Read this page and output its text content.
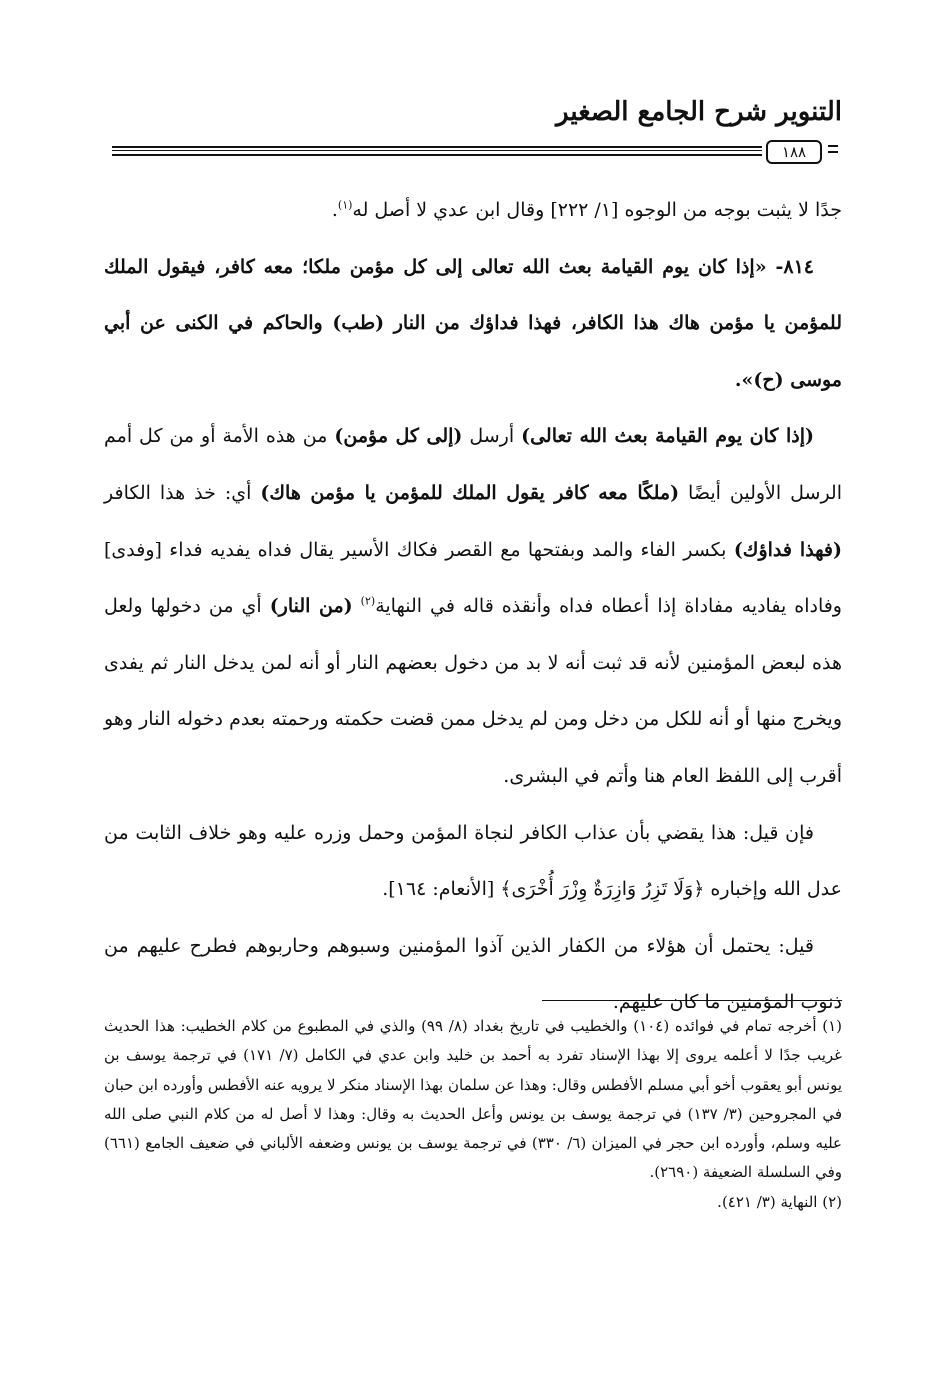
التنوير شرح الجامع الصغير
١٨٨

جدًا لا يثبت بوجه من الوجوه [١/ ٢٢٢] وقال ابن عدي لا أصل له$^{(١)}$.

٨١٤- «إذا كان يوم القيامة بعث الله تعالى إلى كل مؤمن ملكا؛ معه كافر، فيقول الملك للمؤمن يا مؤمن هاك هذا الكافر، فهذا فداؤك من النار (طب) والحاكم في الكنى عن أبي موسى (ح)».

(إذا كان يوم القيامة بعث الله تعالى) أرسل (إلى كل مؤمن) من هذه الأمة أو من كل أمم الرسل الأولين أيضًا (ملكًا معه كافر يقول الملك للمؤمن يا مؤمن هاك) أي: خذ هذا الكافر (فهذا فداؤك) بكسر الفاء والمد وبفتحها مع القصر فكاك الأسير يقال فداه يفديه فداء [وفدى] وفاداه يفاديه مفاداة إذا أعطاه فداه وأنقذه قاله في النهاية$^{(٢)}$ (من النار) أي من دخولها ولعل هذه لبعض المؤمنين لأنه قد ثبت أنه لا بد من دخول بعضهم النار أو أنه لمن يدخل النار ثم يفدى ويخرج منها أو أنه للكل من دخل ومن لم يدخل ممن قضت حكمته ورحمته بعدم دخوله النار وهو أقرب إلى اللفظ العام هنا وأتم في البشرى.

فإن قيل: هذا يقضي بأن عذاب الكافر لنجاة المؤمن وحمل وزره عليه وهو خلاف الثابت من عدل الله وإخباره ﴿وَلَا تَزِرُ وَازِرَةٌ وِزْرَ أُخْرَى﴾ [الأنعام: ١٦٤].

قيل: يحتمل أن هؤلاء من الكفار الذين آذوا المؤمنين وسبوهم وحاربوهم فطرح عليهم من ذنوب المؤمنين ما كان عليهم.

(١) أخرجه تمام في فوائده (١٠٤) والخطيب في تاريخ بغداد (٨/ ٩٩) والذي في المطبوع من كلام الخطيب: هذا الحديث غريب جدًا لا أعلمه يروى إلا بهذا الإسناد تفرد به أحمد بن خليد وابن عدي في الكامل (٧/ ١٧١) في ترجمة يوسف بن يونس أبو يعقوب أخو أبي مسلم الأفطس وقال: وهذا عن سلمان بهذا الإسناد منكر لا يرويه عنه الأفطس وأورده ابن حبان في المجروحين (٣/ ١٣٧) في ترجمة يوسف بن يونس وأعل الحديث به وقال: وهذا لا أصل له من كلام النبي صلى الله عليه وسلم، وأورده ابن حجر في الميزان (٦/ ٣٣٠) في ترجمة يوسف بن يونس وضعفه الألباني في ضعيف الجامع (٦٦١) وفي السلسلة الضعيفة (٢٦٩٠).

(٢) النهاية (٣/ ٤٢١).
